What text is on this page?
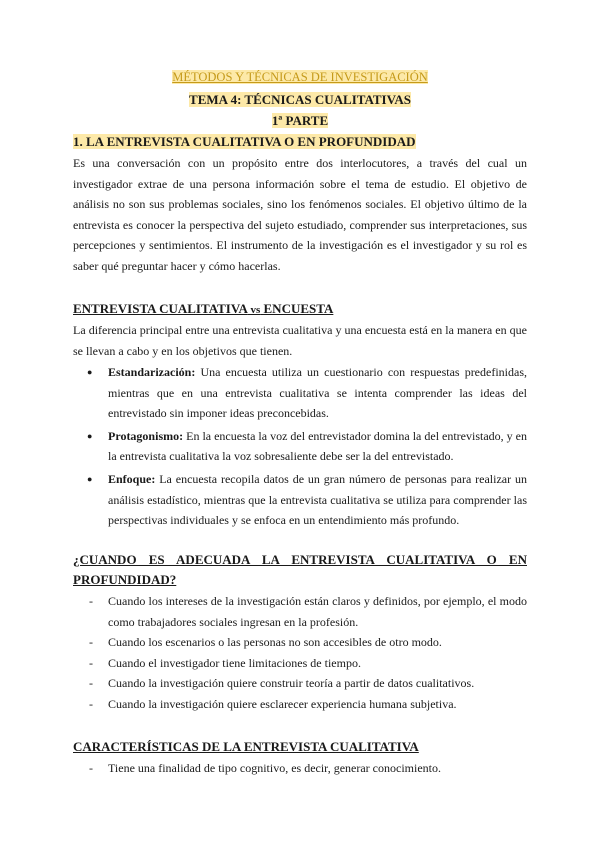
MÉTODOS Y TÉCNICAS DE INVESTIGACIÓN
TEMA 4: TÉCNICAS CUALITATIVAS
1ª PARTE
1. LA ENTREVISTA CUALITATIVA O EN PROFUNDIDAD
Es una conversación con un propósito entre dos interlocutores, a través del cual un investigador extrae de una persona información sobre el tema de estudio. El objetivo de análisis no son sus problemas sociales, sino los fenómenos sociales. El objetivo último de la entrevista es conocer la perspectiva del sujeto estudiado, comprender sus interpretaciones, sus percepciones y sentimientos. El instrumento de la investigación es el investigador y su rol es saber qué preguntar hacer y cómo hacerlas.
ENTREVISTA CUALITATIVA vs ENCUESTA
La diferencia principal entre una entrevista cualitativa y una encuesta está en la manera en que se llevan a cabo y en los objetivos que tienen.
● Estandarización: Una encuesta utiliza un cuestionario con respuestas predefinidas, mientras que en una entrevista cualitativa se intenta comprender las ideas del entrevistado sin imponer ideas preconcebidas.
● Protagonismo: En la encuesta la voz del entrevistador domina la del entrevistado, y en la entrevista cualitativa la voz sobresaliente debe ser la del entrevistado.
● Enfoque: La encuesta recopila datos de un gran número de personas para realizar un análisis estadístico, mientras que la entrevista cualitativa se utiliza para comprender las perspectivas individuales y se enfoca en un entendimiento más profundo.
¿CUANDO ES ADECUADA LA ENTREVISTA CUALITATIVA O EN PROFUNDIDAD?
- Cuando los intereses de la investigación están claros y definidos, por ejemplo, el modo como trabajadores sociales ingresan en la profesión.
- Cuando los escenarios o las personas no son accesibles de otro modo.
- Cuando el investigador tiene limitaciones de tiempo.
- Cuando la investigación quiere construir teoría a partir de datos cualitativos.
- Cuando la investigación quiere esclarecer experiencia humana subjetiva.
CARACTERÍSTICAS DE LA ENTREVISTA CUALITATIVA
- Tiene una finalidad de tipo cognitivo, es decir, generar conocimiento.
